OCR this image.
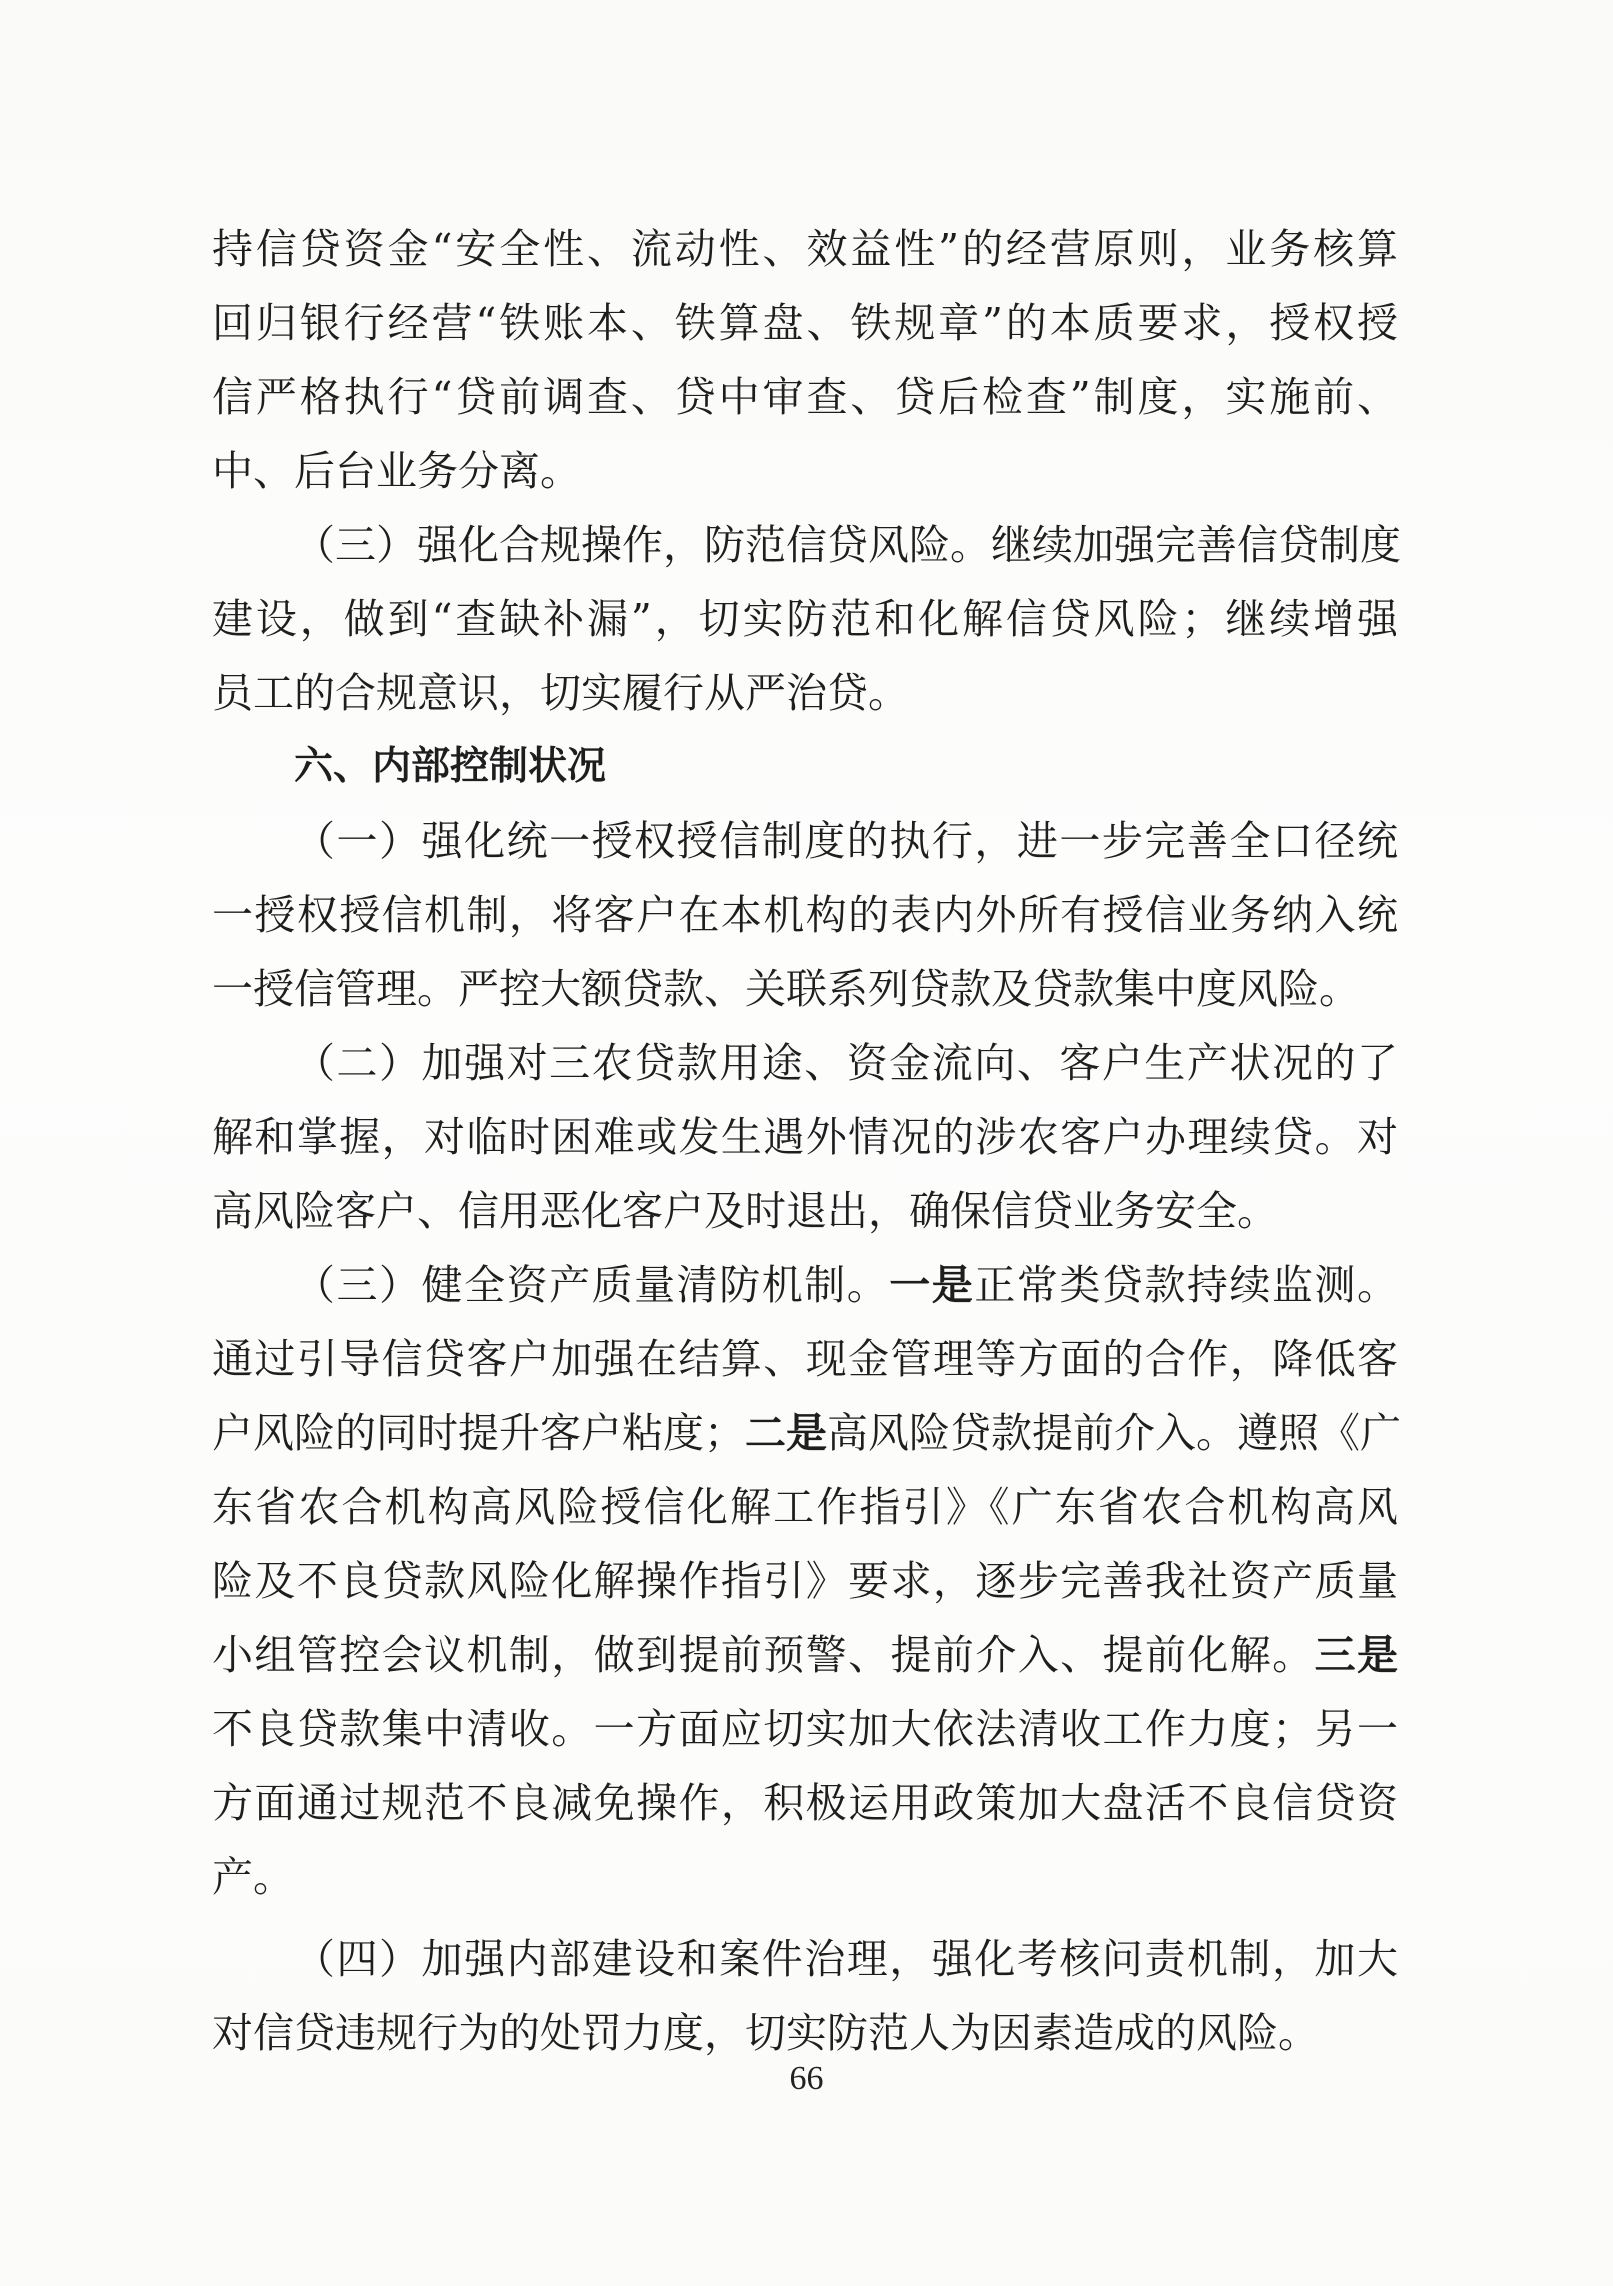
持信贷资金“安全性、流动性、效益性”的经营原则，业务核算
回归银行经营“铁账本、铁算盘、铁规章”的本质要求，授权授
信严格执行“贷前调查、贷中审查、贷后检查”制度，实施前、
中、后台业务分离。
（三）强化合规操作，防范信贷风险。继续加强完善信贷制度
建设，做到“查缺补漏”，切实防范和化解信贷风险；继续增强
员工的合规意识，切实履行从严治贷。
六、内部控制状况
（一）强化统一授权授信制度的执行，进一步完善全口径统
一授权授信机制，将客户在本机构的表内外所有授信业务纳入统
一授信管理。严控大额贷款、关联系列贷款及贷款集中度风险。
（二）加强对三农贷款用途、资金流向、客户生产状况的了
解和掌握，对临时困难或发生遇外情况的涉农客户办理续贷。对
高风险客户、信用恶化客户及时退出，确保信贷业务安全。
（三）健全资产质量清防机制。一是正常类贷款持续监测。
通过引导信贷客户加强在结算、现金管理等方面的合作，降低客
户风险的同时提升客户粘度；二是高风险贷款提前介入。遵照《广
东省农合机构高风险授信化解工作指引》《广东省农合机构高风
险及不良贷款风险化解操作指引》要求，逐步完善我社资产质量
小组管控会议机制，做到提前预警、提前介入、提前化解。三是
不良贷款集中清收。一方面应切实加大依法清收工作力度；另一
方面通过规范不良减免操作，积极运用政策加大盘活不良信贷资
产。
（四）加强内部建设和案件治理，强化考核问责机制，加大
对信贷违规行为的处罚力度，切实防范人为因素造成的风险。
66
